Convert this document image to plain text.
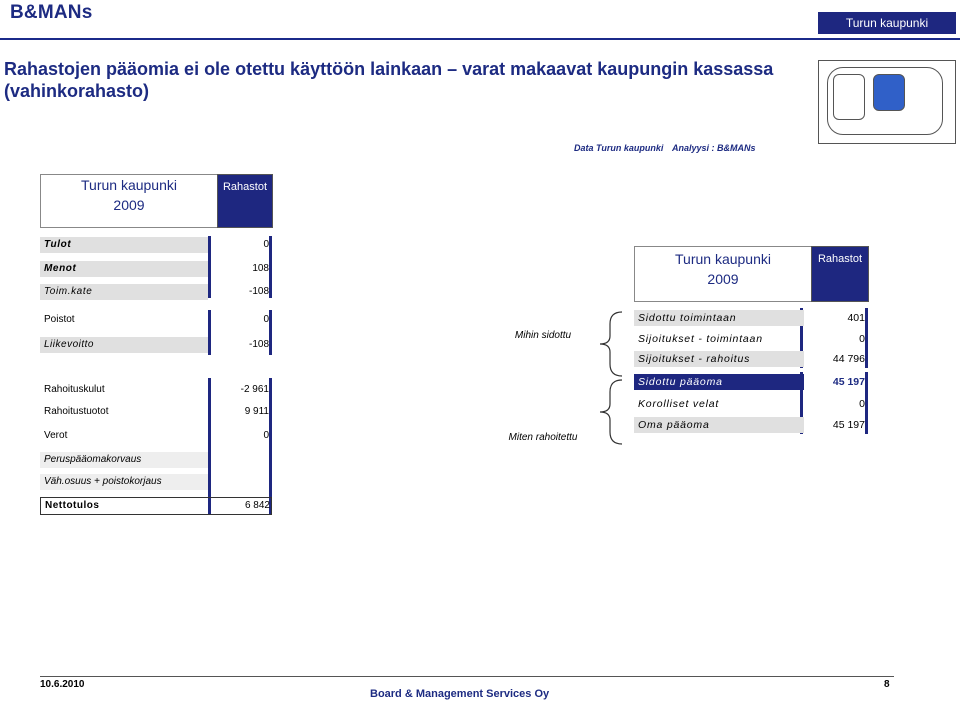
B&MANs	Turun kaupunki
Rahastojen pääomia ei ole otettu käyttöön lainkaan – varat makaavat kaupungin kassassa (vahinkorahasto)
Data Turun kaupunki Analyysi : B&MANs
Turun kaupunki
2009
Rahastot
Tulot	0
Menot	108
Toim.kate	-108
Poistot	0
Liikevoitto	-108
Rahoituskulut	-2 961
Rahoitustuotot	9 911
Verot	0
Peruspääomakorvaus
Väh.osuus + poistokorjaus
Nettotulos	6 842
Mihin sidottu
Miten rahoitettu
Turun kaupunki
2009
Rahastot
Sidottu toimintaan	401
Sijoitukset - toimintaan	0
Sijoitukset - rahoitus	44 796
Sidottu pääoma	45 197
Korolliset velat	0
Oma pääoma	45 197
10.6.2010
Board & Management Services Oy
8
